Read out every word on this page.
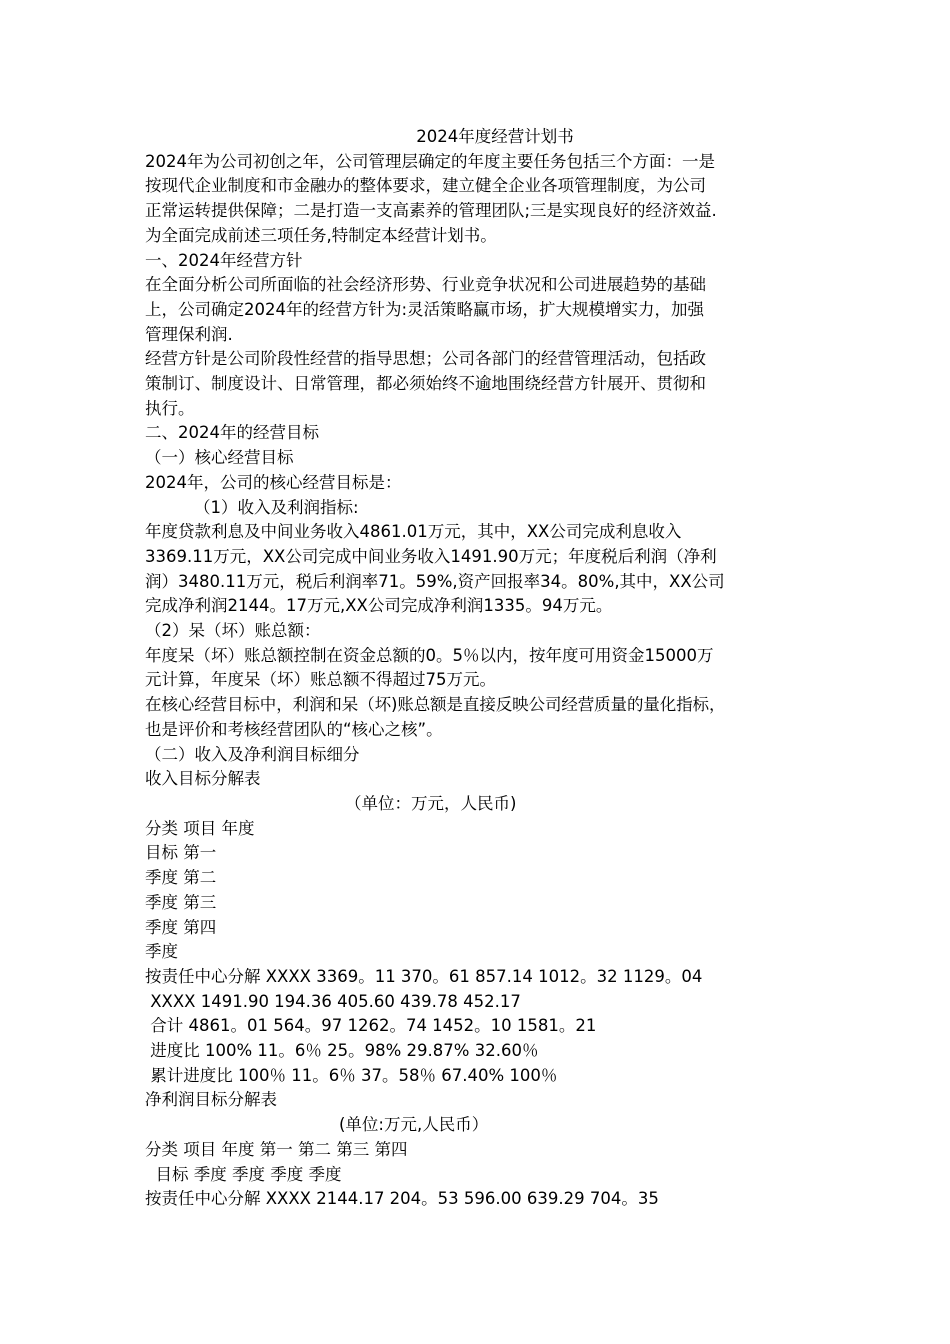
2024年度经营计划书
2024年为公司初创之年，公司管理层确定的年度主要任务包括三个方面：一是
按现代企业制度和市金融办的整体要求，建立健全企业各项管理制度，为公司
正常运转提供保障；二是打造一支高素养的管理团队;三是实现良好的经济效益.
为全面完成前述三项任务,特制定本经营计划书。
一、2024年经营方针
在全面分析公司所面临的社会经济形势、行业竞争状况和公司进展趋势的基础
上，公司确定2024年的经营方针为:灵活策略赢市场，扩大规模增实力，加强
管理保利润.
经营方针是公司阶段性经营的指导思想；公司各部门的经营管理活动，包括政
策制订、制度设计、日常管理，都必须始终不逾地围绕经营方针展开、贯彻和
执行。
二、2024年的经营目标
（一）核心经营目标
2024年，公司的核心经营目标是：
（1）收入及利润指标:
年度贷款利息及中间业务收入4861.01万元，其中，XX公司完成利息收入
3369.11万元，XX公司完成中间业务收入1491.90万元；年度税后利润（净利
润）3480.11万元，税后利润率71。59%,资产回报率34。80%,其中，XX公司
完成净利润2144。17万元,XX公司完成净利润1335。94万元。
（2）呆（坏）账总额：
年度呆（坏）账总额控制在资金总额的0。5％以内，按年度可用资金15000万
元计算，年度呆（坏）账总额不得超过75万元。
在核心经营目标中，利润和呆（坏)账总额是直接反映公司经营质量的量化指标，
也是评价和考核经营团队的“核心之核”。
（二）收入及净利润目标细分
收入目标分解表
（单位：万元，人民币)
分类 项目 年度
目标 第一
季度 第二
季度 第三
季度 第四
季度
按责任中心分解 XXXX 3369。11 370。61 857.14 1012。32 1129。04
XXXX 1491.90 194.36 405.60 439.78 452.17
合计 4861。01 564。97 1262。74 1452。10 1581。21
进度比 100% 11。6％ 25。98% 29.87% 32.60％
累计进度比 100％ 11。6％ 37。58％ 67.40% 100％
净利润目标分解表
(单位:万元,人民币）
分类 项目 年度 第一 第二 第三 第四
目标 季度 季度 季度 季度
按责任中心分解 XXXX 2144.17 204。53 596.00 639.29 704。35
